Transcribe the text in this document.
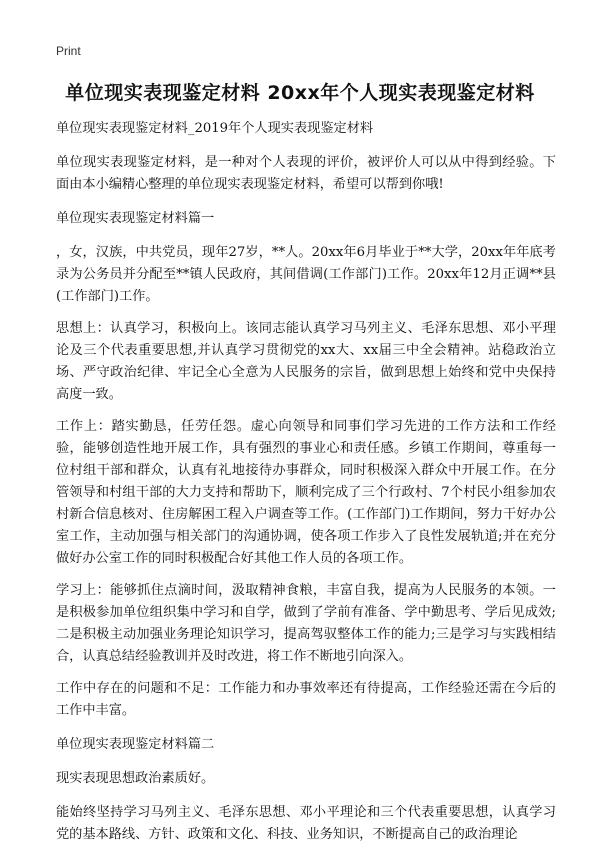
Print
单位现实表现鉴定材料 20xx年个人现实表现鉴定材料

单位现实表现鉴定材料_2019年个人现实表现鉴定材料

单位现实表现鉴定材料，是一种对个人表现的评价，被评价人可以从中得到经验。下面由本小编精心整理的单位现实表现鉴定材料，希望可以帮到你哦!

单位现实表现鉴定材料篇一

，女，汉族，中共党员，现年27岁，**人。20xx年6月毕业于**大学，20xx年年底考录为公务员并分配至**镇人民政府，其间借调(工作部门)工作。20xx年12月正调**县(工作部门)工作。

思想上：认真学习，积极向上。该同志能认真学习马列主义、毛泽东思想、邓小平理论及三个代表重要思想,并认真学习贯彻党的xx大、xx届三中全会精神。站稳政治立场、严守政治纪律、牢记全心全意为人民服务的宗旨，做到思想上始终和党中央保持高度一致。

工作上：踏实勤恳，任劳任怨。虚心向领导和同事们学习先进的工作方法和工作经验，能够创造性地开展工作，具有强烈的事业心和责任感。乡镇工作期间，尊重每一位村组干部和群众，认真有礼地接待办事群众，同时积极深入群众中开展工作。在分管领导和村组干部的大力支持和帮助下，顺利完成了三个行政村、7个村民小组参加农村新合信息核对、住房解困工程入户调查等工作。(工作部门)工作期间，努力干好办公室工作，主动加强与相关部门的沟通协调，使各项工作步入了良性发展轨道;并在充分做好办公室工作的同时积极配合好其他工作人员的各项工作。

学习上：能够抓住点滴时间，汲取精神食粮，丰富自我，提高为人民服务的本领。一是积极参加单位组织集中学习和自学，做到了学前有准备、学中勤思考、学后见成效;二是积极主动加强业务理论知识学习，提高驾驭整体工作的能力;三是学习与实践相结合，认真总结经验教训并及时改进，将工作不断地引向深入。

工作中存在的问题和不足：工作能力和办事效率还有待提高，工作经验还需在今后的工作中丰富。

单位现实表现鉴定材料篇二

现实表现思想政治素质好。

能始终坚持学习马列主义、毛泽东思想、邓小平理论和三个代表重要思想，认真学习党的基本路线、方针、政策和文化、科技、业务知识，不断提高自己的政治理论
